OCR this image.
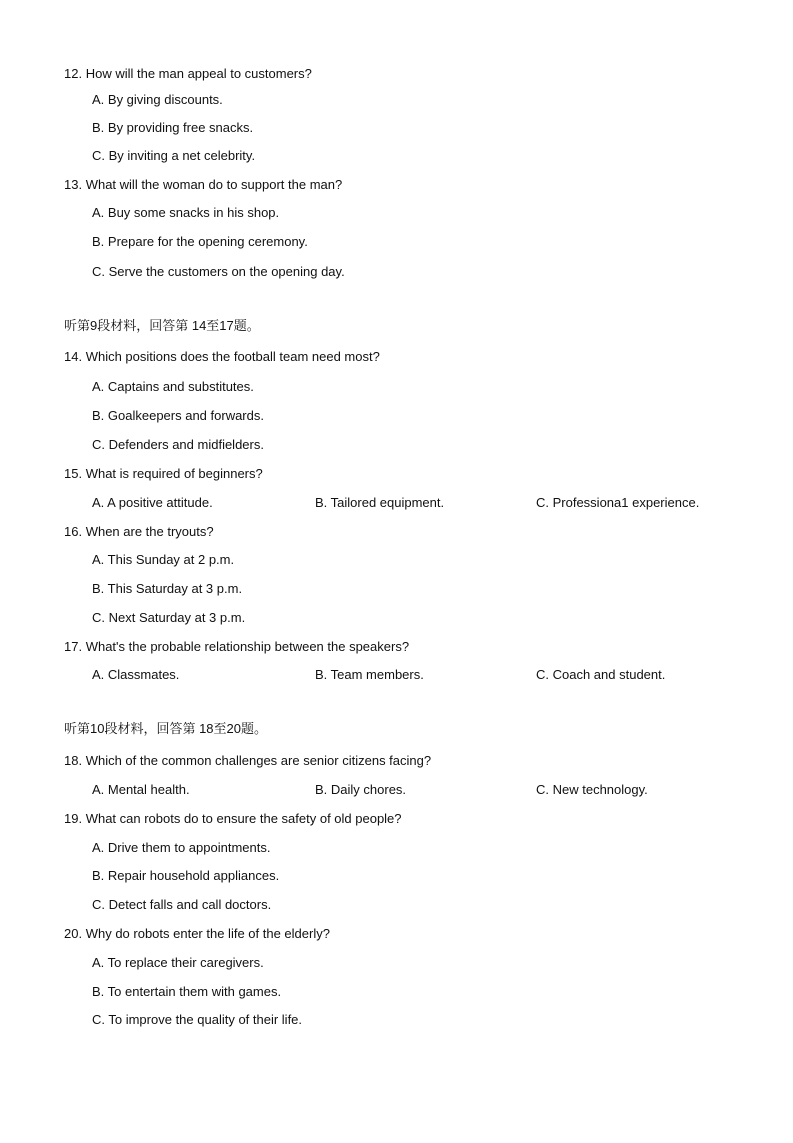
12. How will the man appeal to customers?
A. By giving discounts.
B. By providing free snacks.
C. By inviting a net celebrity.
13. What will the woman do to support the man?
A. Buy some snacks in his shop.
B. Prepare for the opening ceremony.
C. Serve the customers on the opening day.
听第9段材料，回答第 14至17题。
14. Which positions does the football team need most?
A. Captains and substitutes.
B. Goalkeepers and forwards.
C. Defenders and midfielders.
15. What is required of beginners?
A. A positive attitude.	B. Tailored equipment.	C. Professiona1 experience.
16. When are the tryouts?
A. This Sunday at 2 p.m.
B. This Saturday at 3 p.m.
C. Next Saturday at 3 p.m.
17. What's the probable relationship between the speakers?
A. Classmates.	B. Team members.	C. Coach and student.
听第10段材料，回答第 18至20题。
18. Which of the common challenges are senior citizens facing?
A. Mental health.	B. Daily chores.	C. New technology.
19. What can robots do to ensure the safety of old people?
A. Drive them to appointments.
B. Repair household appliances.
C. Detect falls and call doctors.
20. Why do robots enter the life of the elderly?
A. To replace their caregivers.
B. To entertain them with games.
C. To improve the quality of their life.
